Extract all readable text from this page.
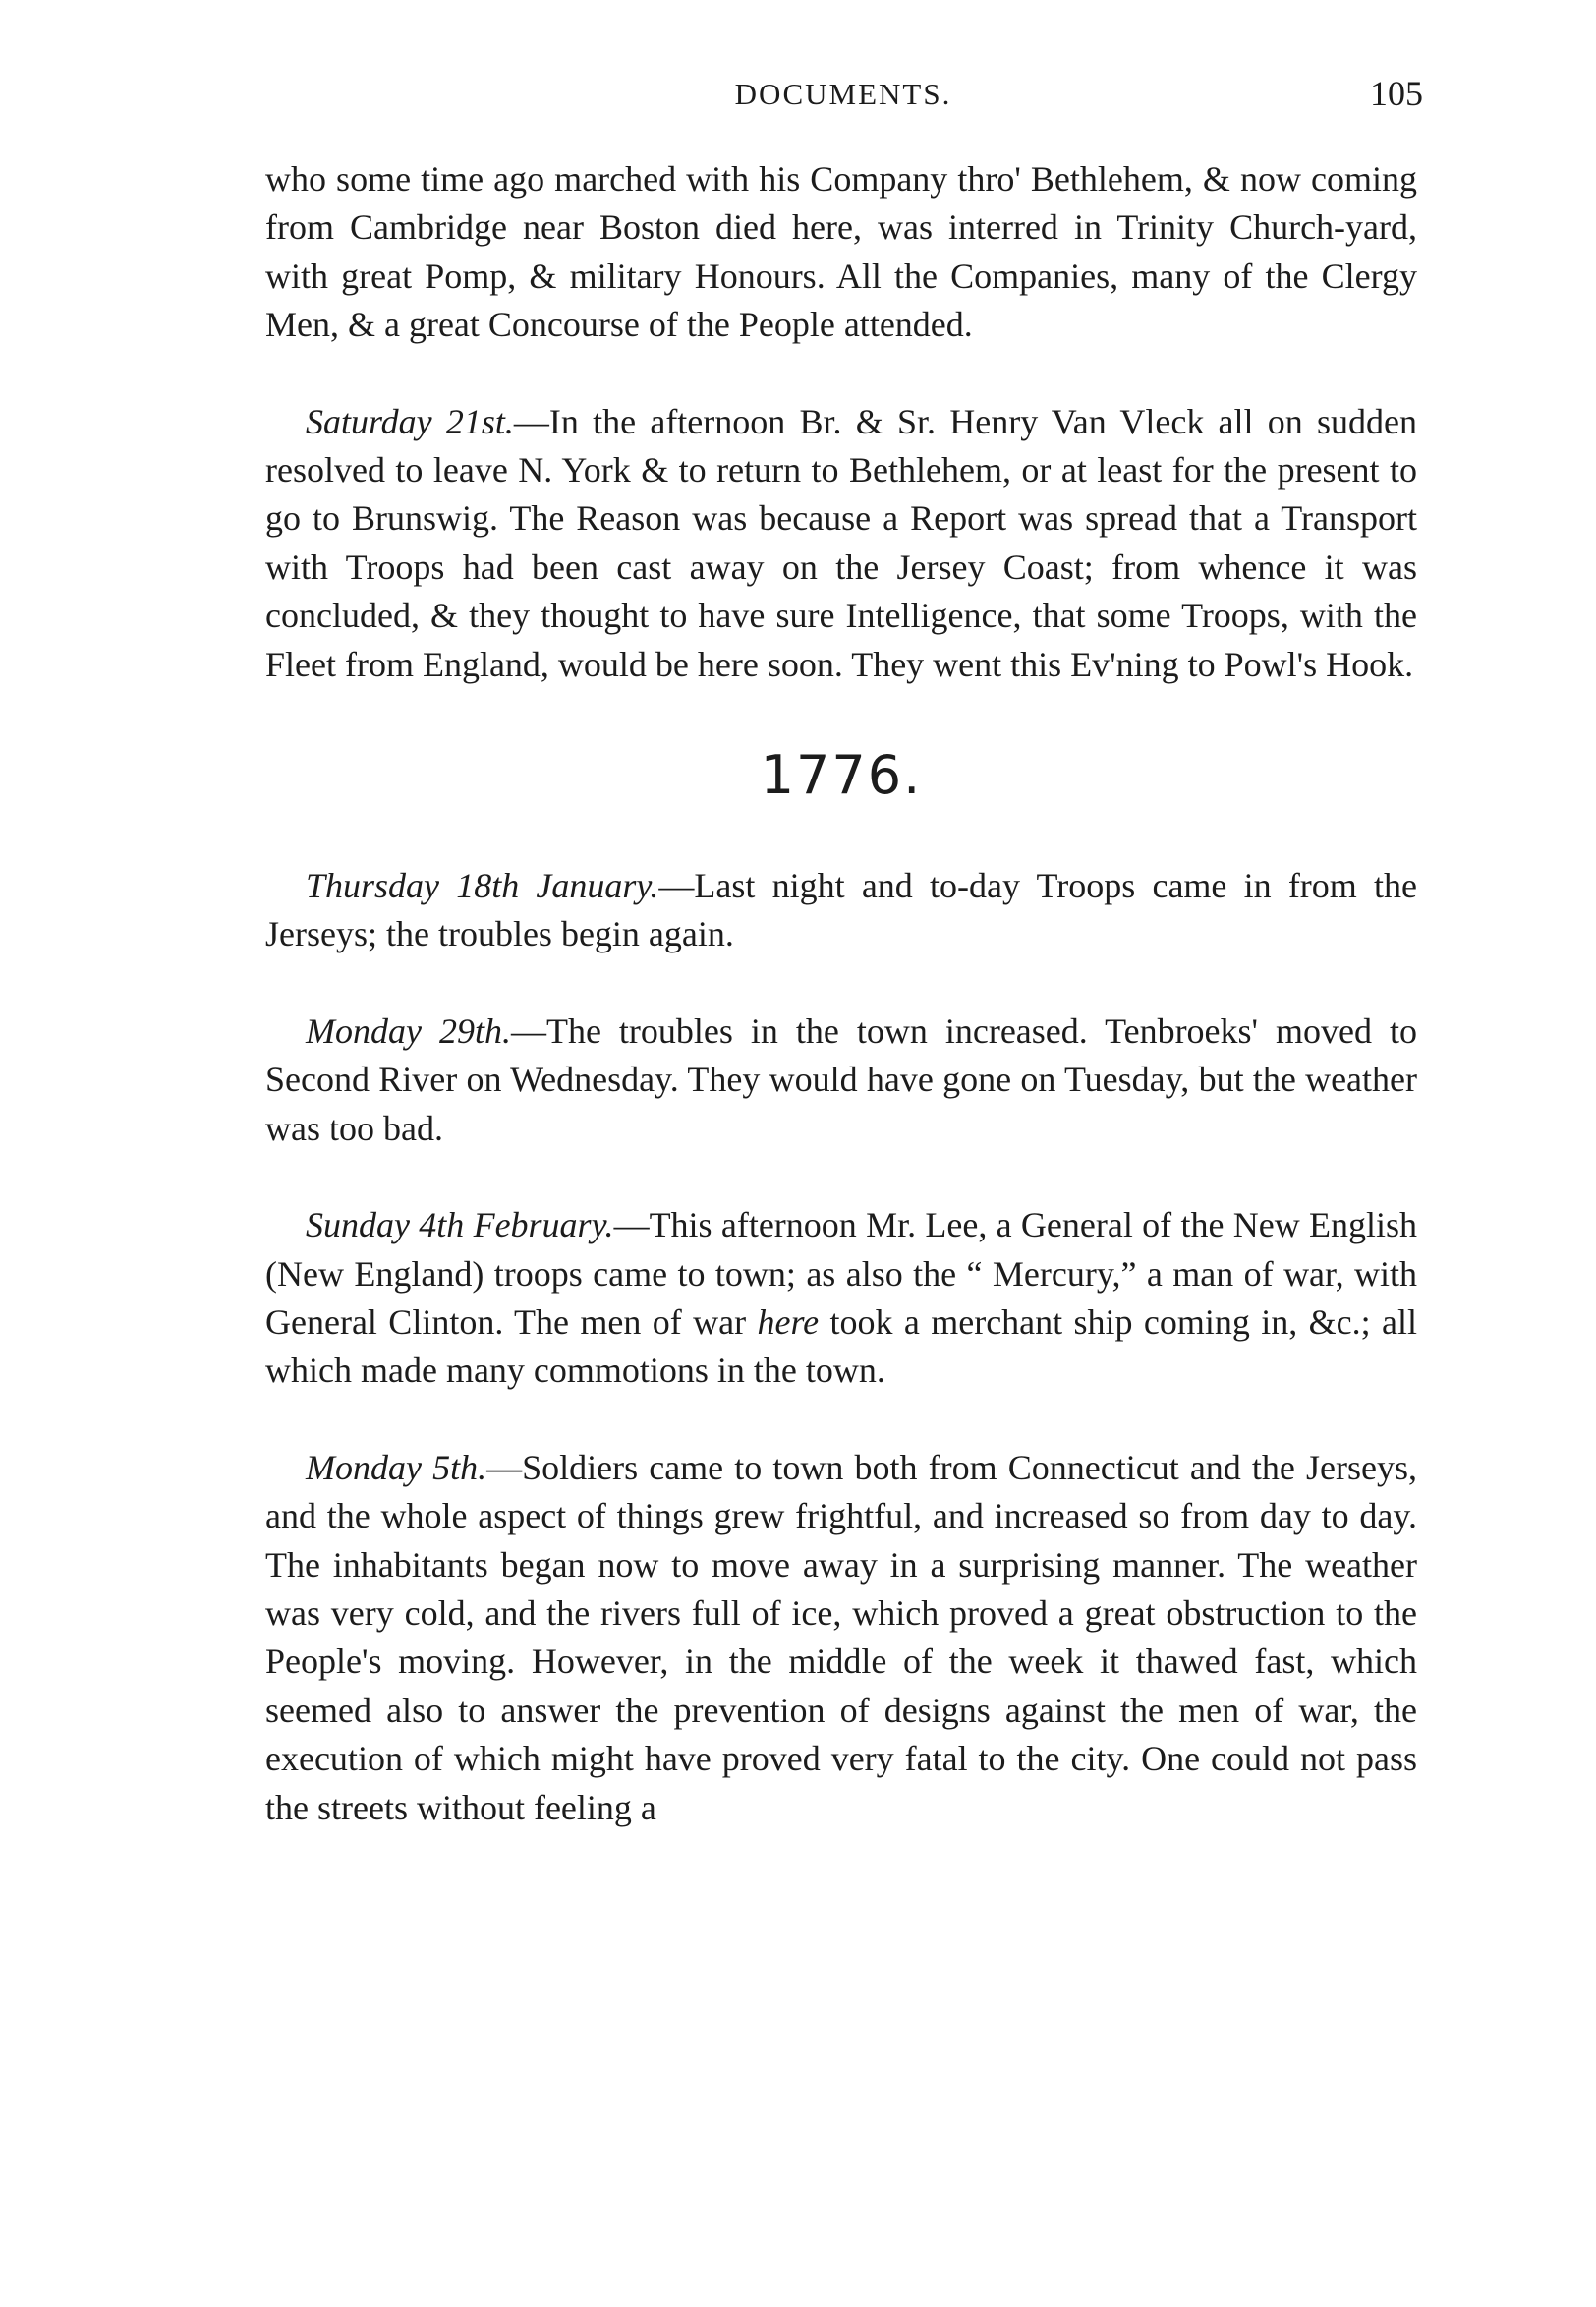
DOCUMENTS.	105

who some time ago marched with his Company thro' Bethlehem, & now coming from Cambridge near Boston died here, was interred in Trinity Church-yard, with great Pomp, & military Honours. All the Companies, many of the Clergy Men, & a great Concourse of the People attended.

Saturday 21st.—In the afternoon Br. & Sr. Henry Van Vleck all on sudden resolved to leave N. York & to return to Bethlehem, or at least for the present to go to Brunswig. The Reason was because a Report was spread that a Transport with Troops had been cast away on the Jersey Coast; from whence it was concluded, & they thought to have sure Intelligence, that some Troops, with the Fleet from England, would be here soon. They went this Ev'ning to Powl's Hook.

1776.

Thursday 18th January.—Last night and to-day Troops came in from the Jerseys; the troubles begin again.

Monday 29th.—The troubles in the town increased. Tenbroeks' moved to Second River on Wednesday. They would have gone on Tuesday, but the weather was too bad.

Sunday 4th February.—This afternoon Mr. Lee, a General of the New English (New England) troops came to town; as also the “ Mercury,” a man of war, with General Clinton. The men of war here took a merchant ship coming in, &c.; all which made many commotions in the town.

Monday 5th.—Soldiers came to town both from Connecticut and the Jerseys, and the whole aspect of things grew frightful, and increased so from day to day. The inhabitants began now to move away in a surprising manner. The weather was very cold, and the rivers full of ice, which proved a great obstruction to the People's moving. However, in the middle of the week it thawed fast, which seemed also to answer the prevention of designs against the men of war, the execution of which might have proved very fatal to the city. One could not pass the streets without feeling a
